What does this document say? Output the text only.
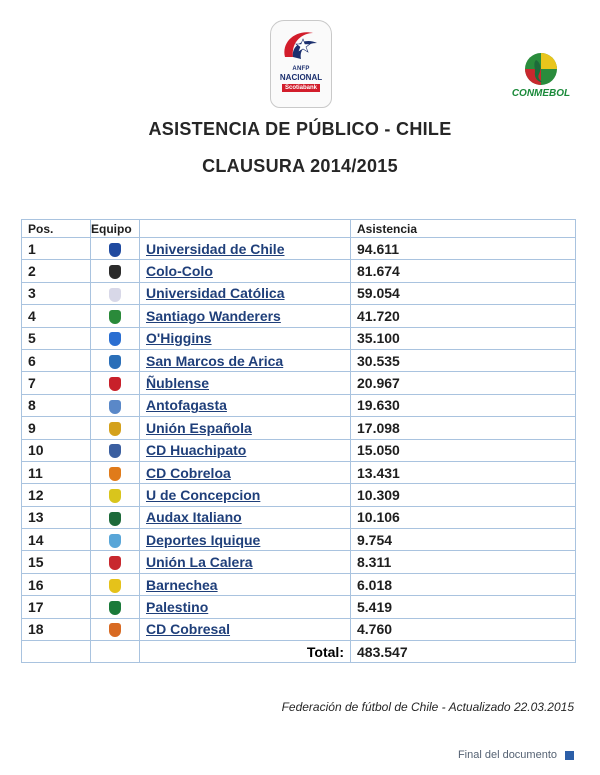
ANFP
NACIONAL
Scotiabank	CONMEBOL
ASISTENCIA DE PÚBLICO - CHILE
CLAUSURA 2014/2015
Pos.	Equipo		Asistencia
1		Universidad de Chile	94.611
2		Colo-Colo	81.674
3		Universidad Católica	59.054
4		Santiago Wanderers	41.720
5		O'Higgins	35.100
6		San Marcos de Arica	30.535
7		Ñublense	20.967
8		Antofagasta	19.630
9		Unión Española	17.098
10		CD Huachipato	15.050
11		CD Cobreloa	13.431
12		U de Concepcion	10.309
13		Audax Italiano	10.106
14		Deportes Iquique	9.754
15		Unión La Calera	8.311
16		Barnechea	6.018
17		Palestino	5.419
18		CD Cobresal	4.760
		Total:	483.547
Federación de fútbol de Chile - Actualizado 22.03.2015
Final del documento
